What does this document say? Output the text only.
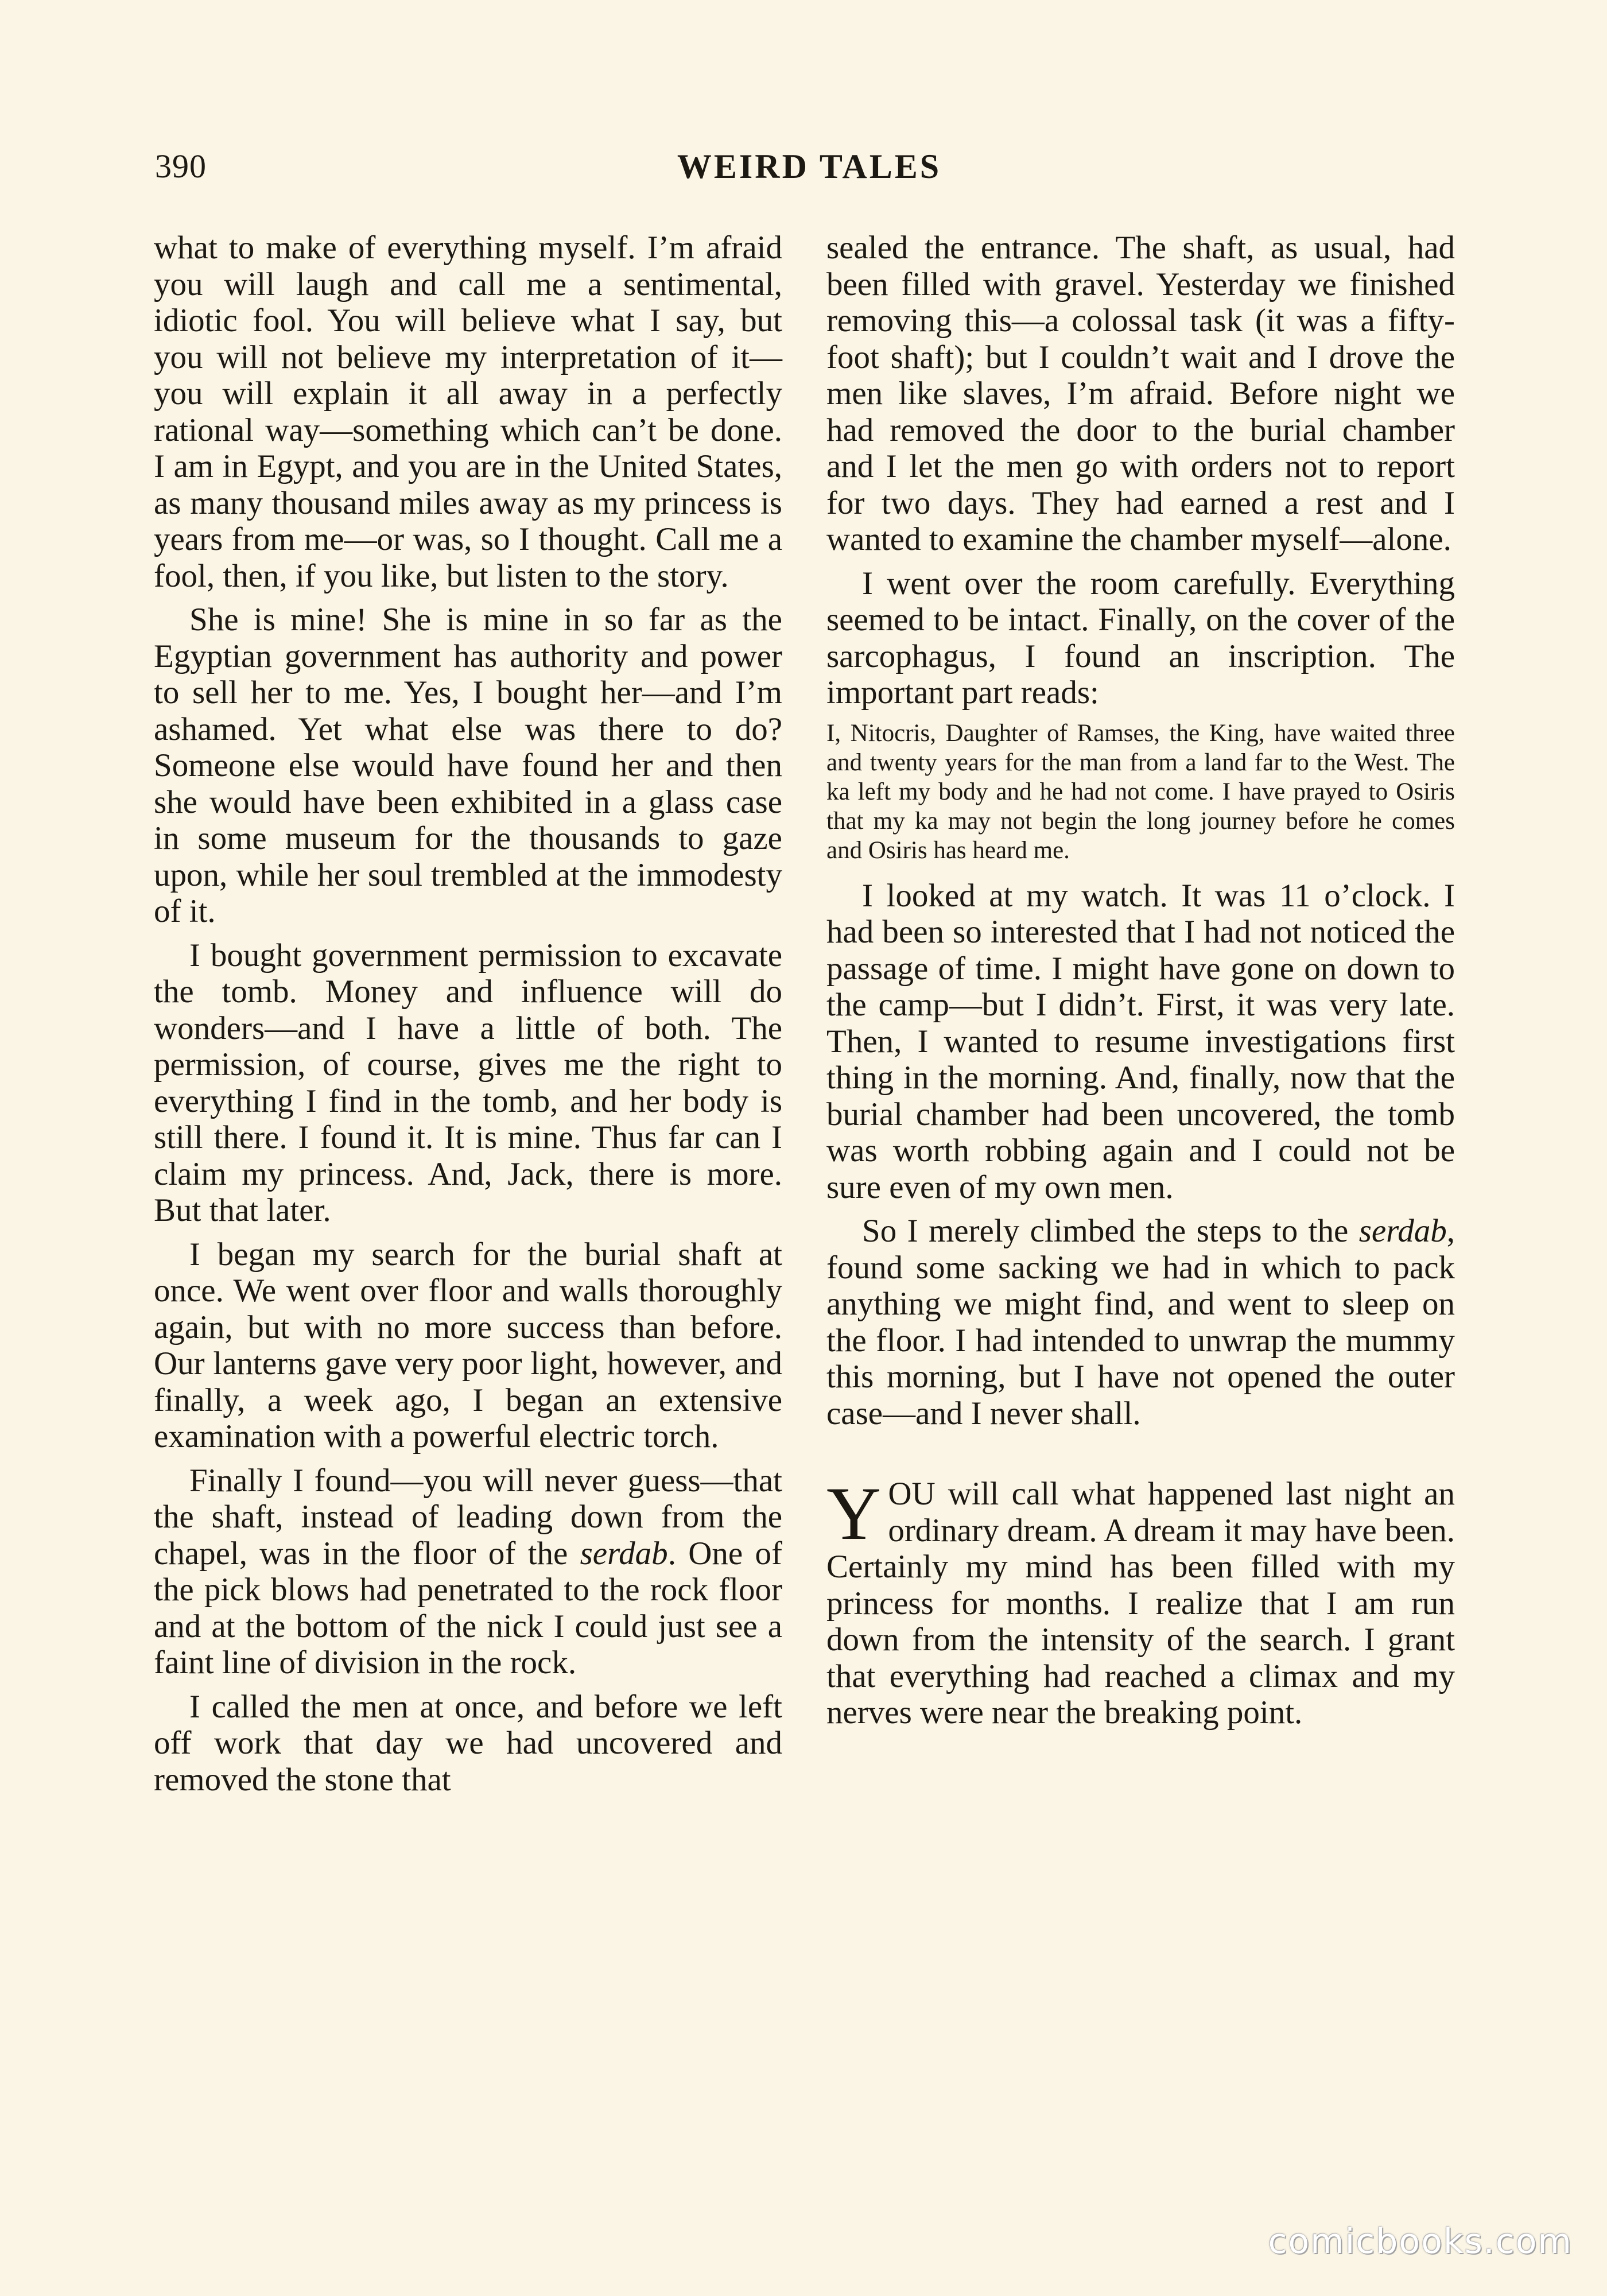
390	WEIRD TALES

what to make of everything myself. I’m afraid you will laugh and call me a sentimental, idiotic fool. You will believe what I say, but you will not believe my interpretation of it—you will explain it all away in a perfectly rational way—something which can’t be done. I am in Egypt, and you are in the United States, as many thousand miles away as my princess is years from me—or was, so I thought. Call me a fool, then, if you like, but listen to the story.

She is mine! She is mine in so far as the Egyptian government has authority and power to sell her to me. Yes, I bought her—and I’m ashamed. Yet what else was there to do? Someone else would have found her and then she would have been exhibited in a glass case in some museum for the thousands to gaze upon, while her soul trembled at the immodesty of it.

I bought government permission to excavate the tomb. Money and influence will do wonders—and I have a little of both. The permission, of course, gives me the right to everything I find in the tomb, and her body is still there. I found it. It is mine. Thus far can I claim my princess. And, Jack, there is more. But that later.

I began my search for the burial shaft at once. We went over floor and walls thoroughly again, but with no more success than before. Our lanterns gave very poor light, however, and finally, a week ago, I began an extensive examination with a powerful electric torch.

Finally I found—you will never guess—that the shaft, instead of leading down from the chapel, was in the floor of the serdab. One of the pick blows had penetrated to the rock floor and at the bottom of the nick I could just see a faint line of division in the rock.

I called the men at once, and before we left off work that day we had uncovered and removed the stone that

sealed the entrance. The shaft, as usual, had been filled with gravel. Yesterday we finished removing this—a colossal task (it was a fifty-foot shaft); but I couldn’t wait and I drove the men like slaves, I’m afraid. Before night we had removed the door to the burial chamber and I let the men go with orders not to report for two days. They had earned a rest and I wanted to examine the chamber myself—alone.

I went over the room carefully. Everything seemed to be intact. Finally, on the cover of the sarcophagus, I found an inscription. The important part reads:

I, Nitocris, Daughter of Ramses, the King, have waited three and twenty years for the man from a land far to the West. The ka left my body and he had not come. I have prayed to Osiris that my ka may not begin the long journey before he comes and Osiris has heard me.

I looked at my watch. It was 11 o’clock. I had been so interested that I had not noticed the passage of time. I might have gone on down to the camp—but I didn’t. First, it was very late. Then, I wanted to resume investigations first thing in the morning. And, finally, now that the burial chamber had been uncovered, the tomb was worth robbing again and I could not be sure even of my own men.

So I merely climbed the steps to the serdab, found some sacking we had in which to pack anything we might find, and went to sleep on the floor. I had intended to unwrap the mummy this morning, but I have not opened the outer case—and I never shall.

YOU will call what happened last night an ordinary dream. A dream it may have been. Certainly my mind has been filled with my princess for months. I realize that I am run down from the intensity of the search. I grant that everything had reached a climax and my nerves were near the breaking point.

comicbooks.com
